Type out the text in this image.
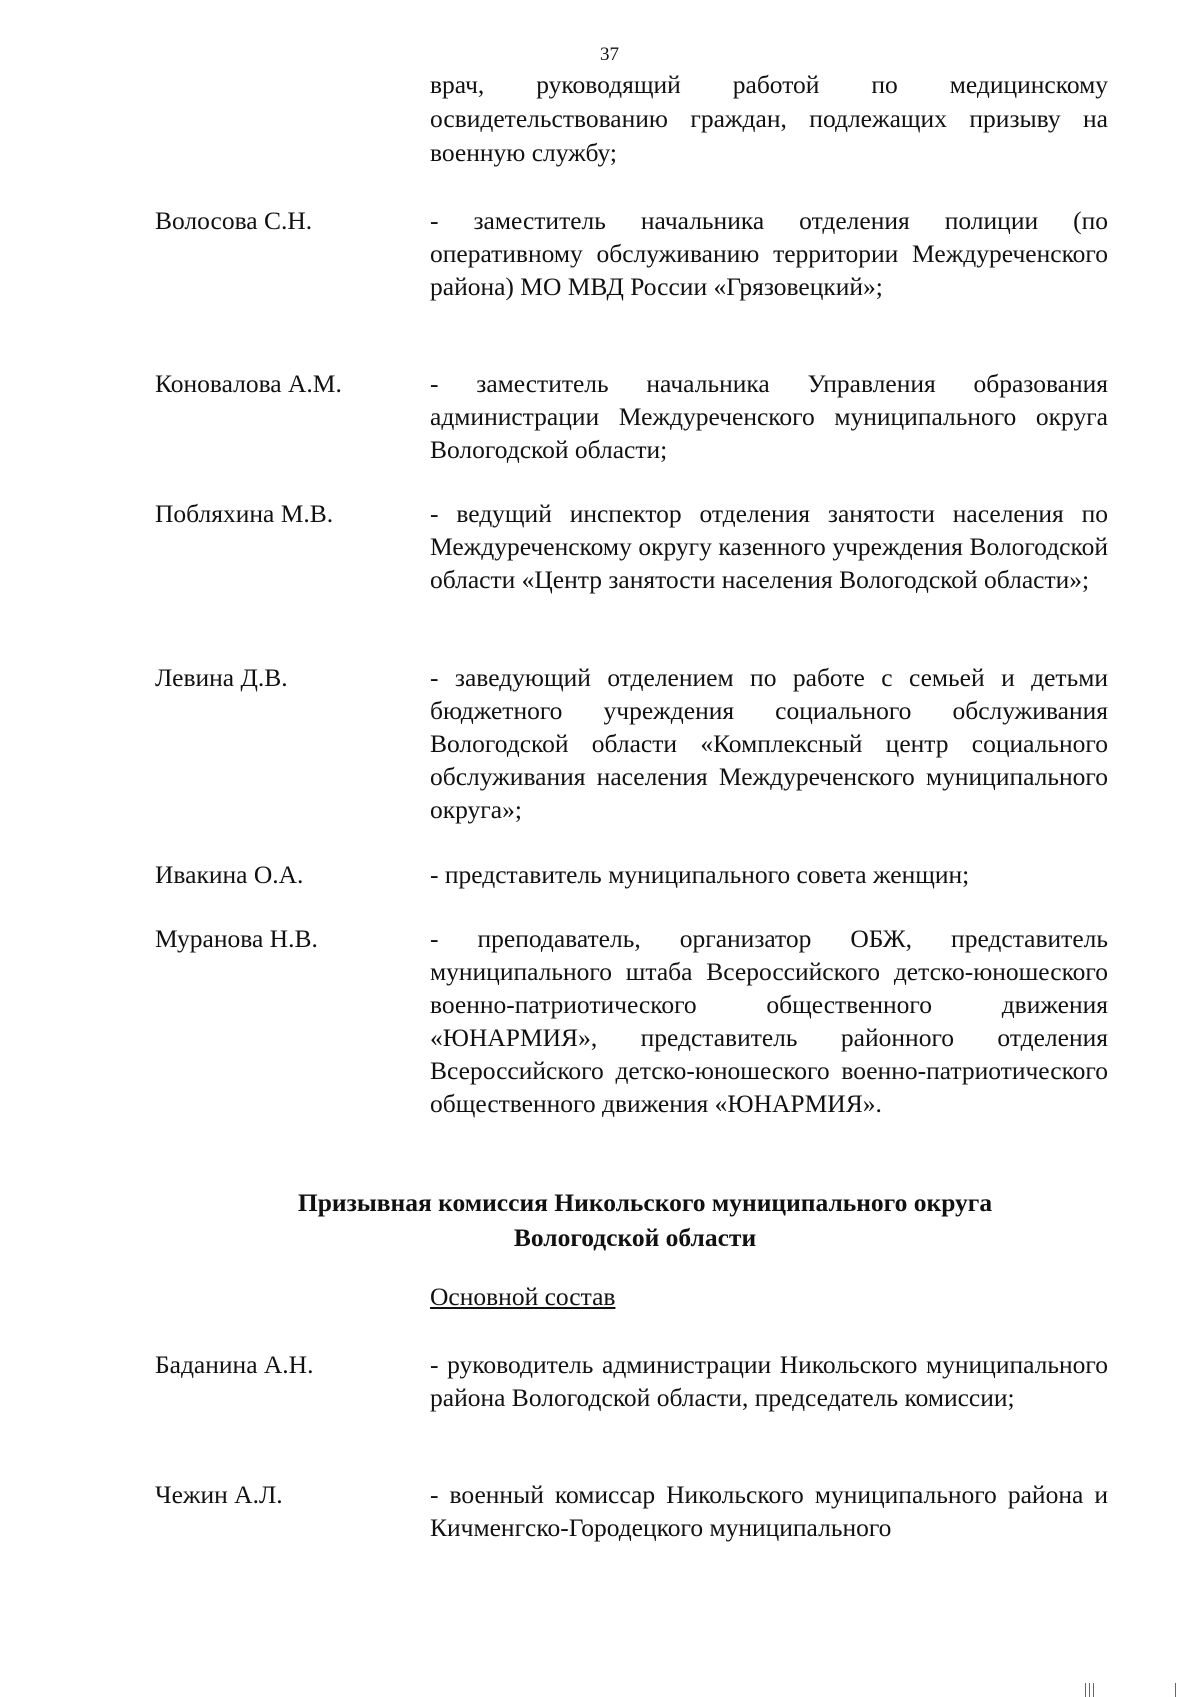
37
врач, руководящий работой по медицинскому освидетельствованию граждан, подлежащих призыву на военную службу;
Волосова С.Н.	- заместитель начальника отделения полиции (по оперативному обслуживанию территории Междуреченского района) МО МВД России «Грязовецкий»;
Коновалова А.М.	- заместитель начальника Управления образования администрации Междуреченского муниципального округа Вологодской области;
Побляхина М.В.	- ведущий инспектор отделения занятости населения по Междуреченскому округу казенного учреждения Вологодской области «Центр занятости населения Вологодской области»;
Левина Д.В.	- заведующий отделением по работе с семьей и детьми бюджетного учреждения социального обслуживания Вологодской области «Комплексный центр социального обслуживания населения Междуреченского муниципального округа»;
Ивакина О.А.	- представитель муниципального совета женщин;
Муранова Н.В.	- преподаватель, организатор ОБЖ, представитель муниципального штаба Всероссийского детско-юношеского военно-патриотического общественного движения «ЮНАРМИЯ», представитель районного отделения Всероссийского детско-юношеского военно-патриотического общественного движения «ЮНАРМИЯ».
Призывная комиссия Никольского муниципального округа
Вологодской области
Основной состав
Баданина А.Н.	- руководитель администрации Никольского муниципального района Вологодской области, председатель комиссии;
Чежин А.Л.	- военный комиссар Никольского муниципального района и Кичменгско-Городецкого муниципального
